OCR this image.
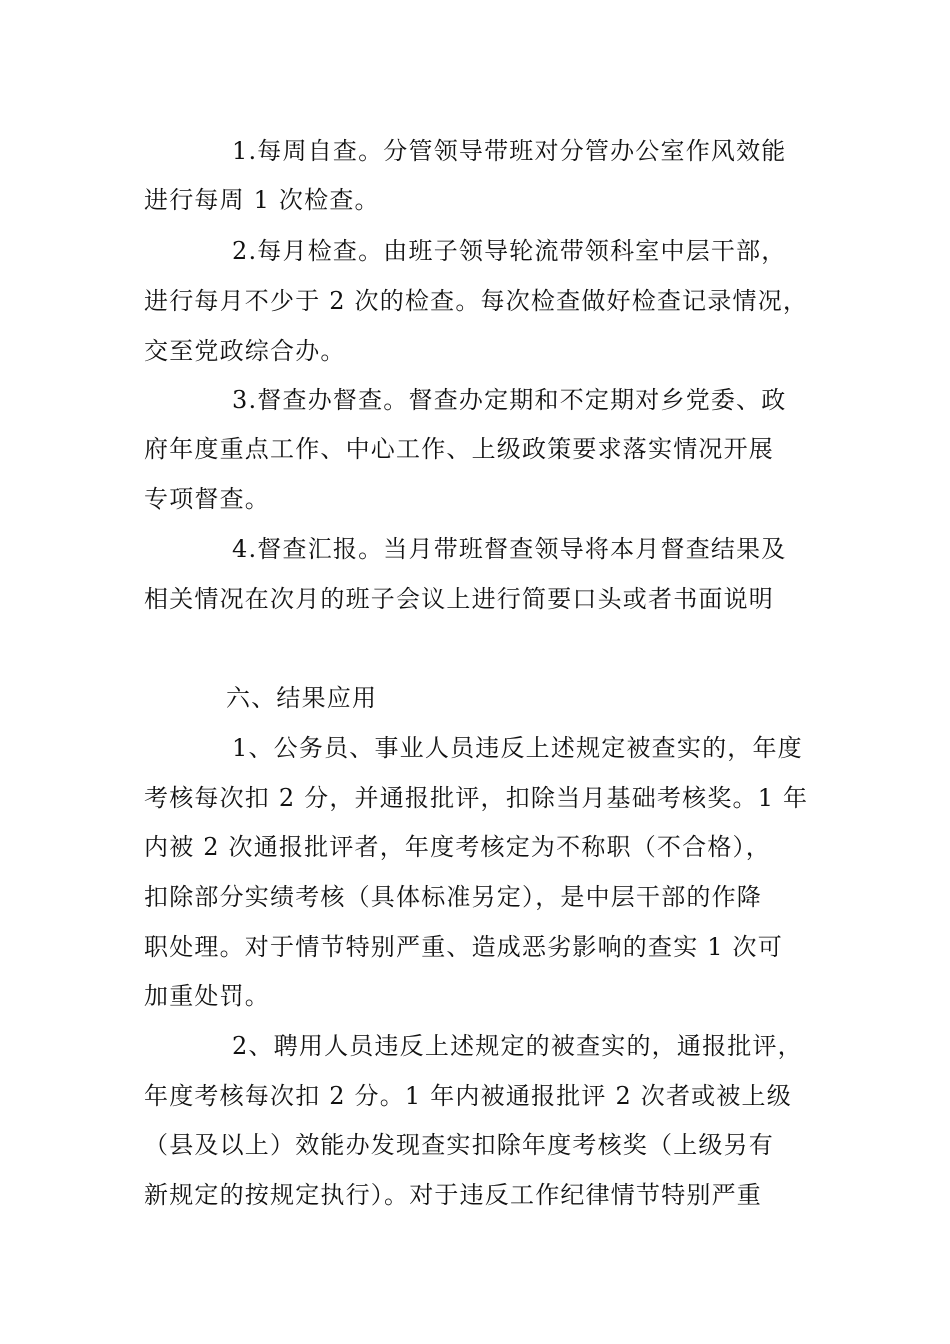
1.每周自查。分管领导带班对分管办公室作风效能
进行每周 1 次检查。
2.每月检查。由班子领导轮流带领科室中层干部，
进行每月不少于 2 次的检查。每次检查做好检查记录情况，
交至党政综合办。
3.督查办督查。督查办定期和不定期对乡党委、政
府年度重点工作、中心工作、上级政策要求落实情况开展
专项督查。
4.督查汇报。当月带班督查领导将本月督查结果及
相关情况在次月的班子会议上进行简要口头或者书面说明
六、结果应用
1、公务员、事业人员违反上述规定被查实的，年度
考核每次扣 2 分，并通报批评，扣除当月基础考核奖。1 年
内被 2 次通报批评者，年度考核定为不称职（不合格），
扣除部分实绩考核（具体标准另定），是中层干部的作降
职处理。对于情节特别严重、造成恶劣影响的查实 1 次可
加重处罚。
2、聘用人员违反上述规定的被查实的，通报批评，
年度考核每次扣 2 分。1 年内被通报批评 2 次者或被上级
（县及以上）效能办发现查实扣除年度考核奖（上级另有
新规定的按规定执行）。对于违反工作纪律情节特别严重
